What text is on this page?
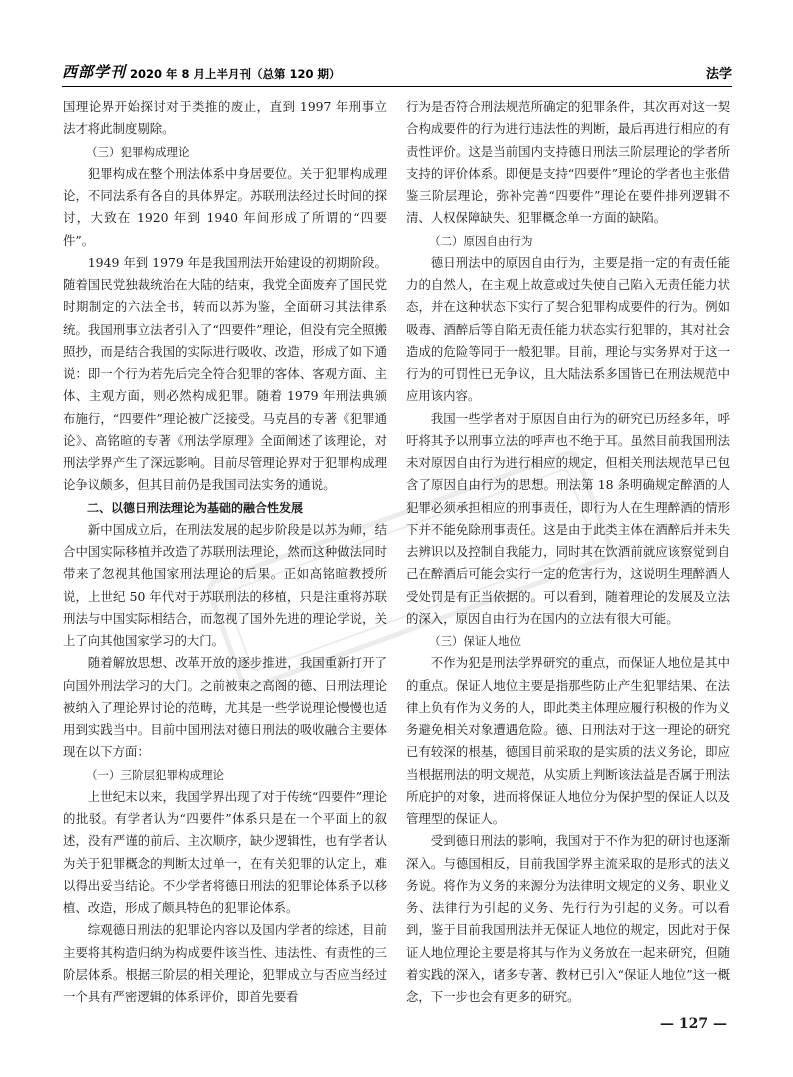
西部学刊 2020 年 8 月上半月刊（总第 120 期）	法学

国理论界开始探讨对于类推的废止，直到 1997 年刑事立法才将此制度剔除。

（三）犯罪构成理论

犯罪构成在整个刑法体系中身居要位。关于犯罪构成理论，不同法系有各自的具体界定。苏联刑法经过长时间的探讨，大致在 1920 年到 1940 年间形成了所谓的“四要件”。

1949 年到 1979 年是我国刑法开始建设的初期阶段。随着国民党独裁统治在大陆的结束，我党全面废弃了国民党时期制定的六法全书，转而以苏为鉴，全面研习其法律系统。我国刑事立法者引入了“四要件”理论，但没有完全照搬照抄，而是结合我国的实际进行吸收、改造，形成了如下通说：即一个行为若先后完全符合犯罪的客体、客观方面、主体、主观方面，则必然构成犯罪。随着 1979 年刑法典颁布施行，“四要件”理论被广泛接受。马克昌的专著《犯罪通论》、高铭暄的专著《刑法学原理》全面阐述了该理论，对刑法学界产生了深远影响。目前尽管理论界对于犯罪构成理论争议颇多，但其目前仍是我国司法实务的通说。

二、以德日刑法理论为基础的融合性发展

新中国成立后，在刑法发展的起步阶段是以苏为师，结合中国实际移植并改造了苏联刑法理论，然而这种做法同时带来了忽视其他国家刑法理论的后果。正如高铭暄教授所说，上世纪 50 年代对于苏联刑法的移植，只是注重将苏联刑法与中国实际相结合，而忽视了国外先进的理论学说，关上了向其他国家学习的大门。

随着解放思想、改革开放的逐步推进，我国重新打开了向国外刑法学习的大门。之前被束之高阁的德、日刑法理论被纳入了理论界讨论的范畴，尤其是一些学说理论慢慢也适用到实践当中。目前中国刑法对德日刑法的吸收融合主要体现在以下方面：

（一）三阶层犯罪构成理论

上世纪末以来，我国学界出现了对于传统“四要件”理论的批驳。有学者认为“四要件”体系只是在一个平面上的叙述，没有严谨的前后、主次顺序，缺少逻辑性，也有学者认为关于犯罪概念的判断太过单一，在有关犯罪的认定上，难以得出妥当结论。不少学者将德日刑法的犯罪论体系予以移植、改造，形成了颇具特色的犯罪论体系。

综观德日刑法的犯罪论内容以及国内学者的综述，目前主要将其构造归纳为构成要件该当性、违法性、有责性的三阶层体系。根据三阶层的相关理论，犯罪成立与否应当经过一个具有严密逻辑的体系评价，即首先要看

行为是否符合刑法规范所确定的犯罪条件，其次再对这一契合构成要件的行为进行违法性的判断，最后再进行相应的有责性评价。这是当前国内支持德日刑法三阶层理论的学者所支持的评价体系。即便是支持“四要件”理论的学者也主张借鉴三阶层理论，弥补完善“四要件”理论在要件排列逻辑不清、人权保障缺失、犯罪概念单一方面的缺陷。

（二）原因自由行为

德日刑法中的原因自由行为，主要是指一定的有责任能力的自然人，在主观上故意或过失使自己陷入无责任能力状态，并在这种状态下实行了契合犯罪构成要件的行为。例如吸毒、酒醉后等自陷无责任能力状态实行犯罪的，其对社会造成的危险等同于一般犯罪。目前，理论与实务界对于这一行为的可罚性已无争议，且大陆法系多国皆已在刑法规范中应用该内容。

我国一些学者对于原因自由行为的研究已历经多年，呼吁将其予以刑事立法的呼声也不绝于耳。虽然目前我国刑法未对原因自由行为进行相应的规定，但相关刑法规范早已包含了原因自由行为的思想。刑法第 18 条明确规定醉酒的人犯罪必须承担相应的刑事责任，即行为人在生理醉酒的情形下并不能免除刑事责任。这是由于此类主体在酒醉后并未失去辨识以及控制自我能力，同时其在饮酒前就应该察觉到自己在醉酒后可能会实行一定的危害行为，这说明生理醉酒人受处罚是有正当依据的。可以看到，随着理论的发展及立法的深入，原因自由行为在国内的立法有很大可能。

（三）保证人地位

不作为犯是刑法学界研究的重点，而保证人地位是其中的重点。保证人地位主要是指那些防止产生犯罪结果、在法律上负有作为义务的人，即此类主体理应履行积极的作为义务避免相关对象遭遇危险。德、日刑法对于这一理论的研究已有较深的根基，德国目前采取的是实质的法义务论，即应当根据刑法的明文规范，从实质上判断该法益是否属于刑法所庇护的对象，进而将保证人地位分为保护型的保证人以及管理型的保证人。

受到德日刑法的影响，我国对于不作为犯的研讨也逐渐深入。与德国相反，目前我国学界主流采取的是形式的法义务说。将作为义务的来源分为法律明文规定的义务、职业义务、法律行为引起的义务、先行行为引起的义务。可以看到，鉴于目前我国刑法并无保证人地位的规定，因此对于保证人地位理论主要是将其与作为义务放在一起来研究，但随着实践的深入，诸多专著、教材已引入“保证人地位”这一概念，下一步也会有更多的研究。

— 127 —
